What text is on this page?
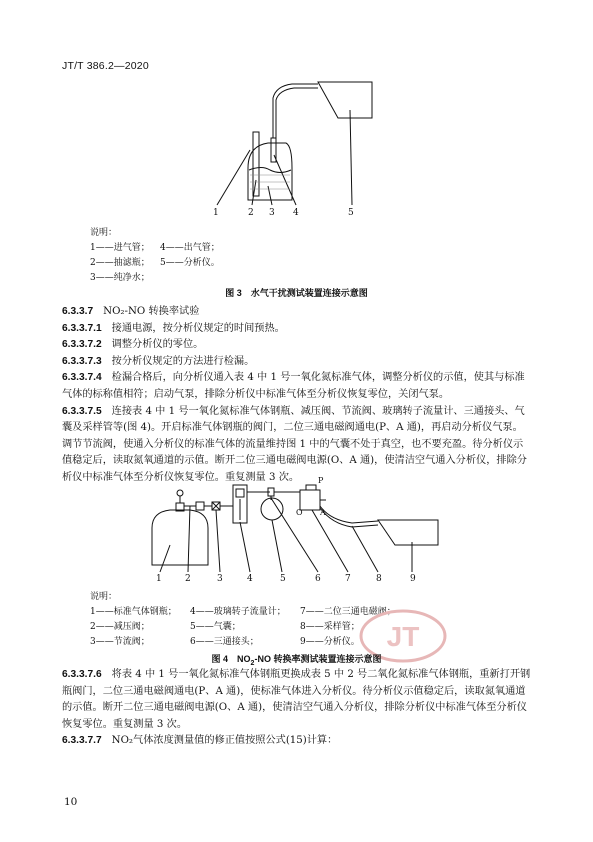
JT/T 386.2—2020
1	2 3 4	5
说明：
1——进气管； 4——出气管；
2——抽滤瓶； 5——分析仪。
3——纯净水；
图 3　水气干扰测试装置连接示意图
6.3.3.7 NO₂-NO 转换率试验
6.3.3.7.1 接通电源，按分析仪规定的时间预热。
6.3.3.7.2 调整分析仪的零位。
6.3.3.7.3 按分析仪规定的方法进行检漏。
6.3.3.7.4 检漏合格后，向分析仪通入表 4 中 1 号一氧化氮标准气体，调整分析仪的示值，使其与标准气体的标称值相符；启动气泵，排除分析仪中标准气体至分析仪恢复零位，关闭气泵。
6.3.3.7.5 连接表 4 中 1 号一氧化氮标准气体钢瓶、减压阀、节流阀、玻璃转子流量计、三通接头、气囊及采样管等(图 4)。开启标准气体钢瓶的阀门，二位三通电磁阀通电(P、A 通)，再启动分析仪气泵。调节节流阀，使通入分析仪的标准气体的流量维持图 1 中的气囊不处于真空，也不要充盈。待分析仪示值稳定后，读取氮氧通道的示值。断开二位三通电磁阀电源(O、A 通)，使清洁空气通入分析仪，排除分析仪中标准气体至分析仪恢复零位。重复测量 3 次。
1	2	3	4	5	6	7	8	9
P
O A
说明：
1——标准气体钢瓶； 4——玻璃转子流量计； 7——二位三通电磁阀；
2——减压阀；	5——气囊；	8——采样管；
3——节流阀；	6——三通接头；	9——分析仪。 JT
图 4　$NO_2-NO$ 转换率测试装置连接示意图
6.3.3.7.6 将表 4 中 1 号一氧化氮标准气体钢瓶更换成表 5 中 2 号二氧化氮标准气体钢瓶，重新打开钢瓶阀门，二位三通电磁阀通电(P、A 通)，使标准气体进入分析仪。待分析仪示值稳定后，读取氮氧通道的示值。断开二位三通电磁阀电源(O、A 通)，使清洁空气通入分析仪，排除分析仪中标准气体至分析仪恢复零位。重复测量 3 次。
6.3.3.7.7 NO₂气体浓度测量值的修正值按照公式(15)计算：
10
